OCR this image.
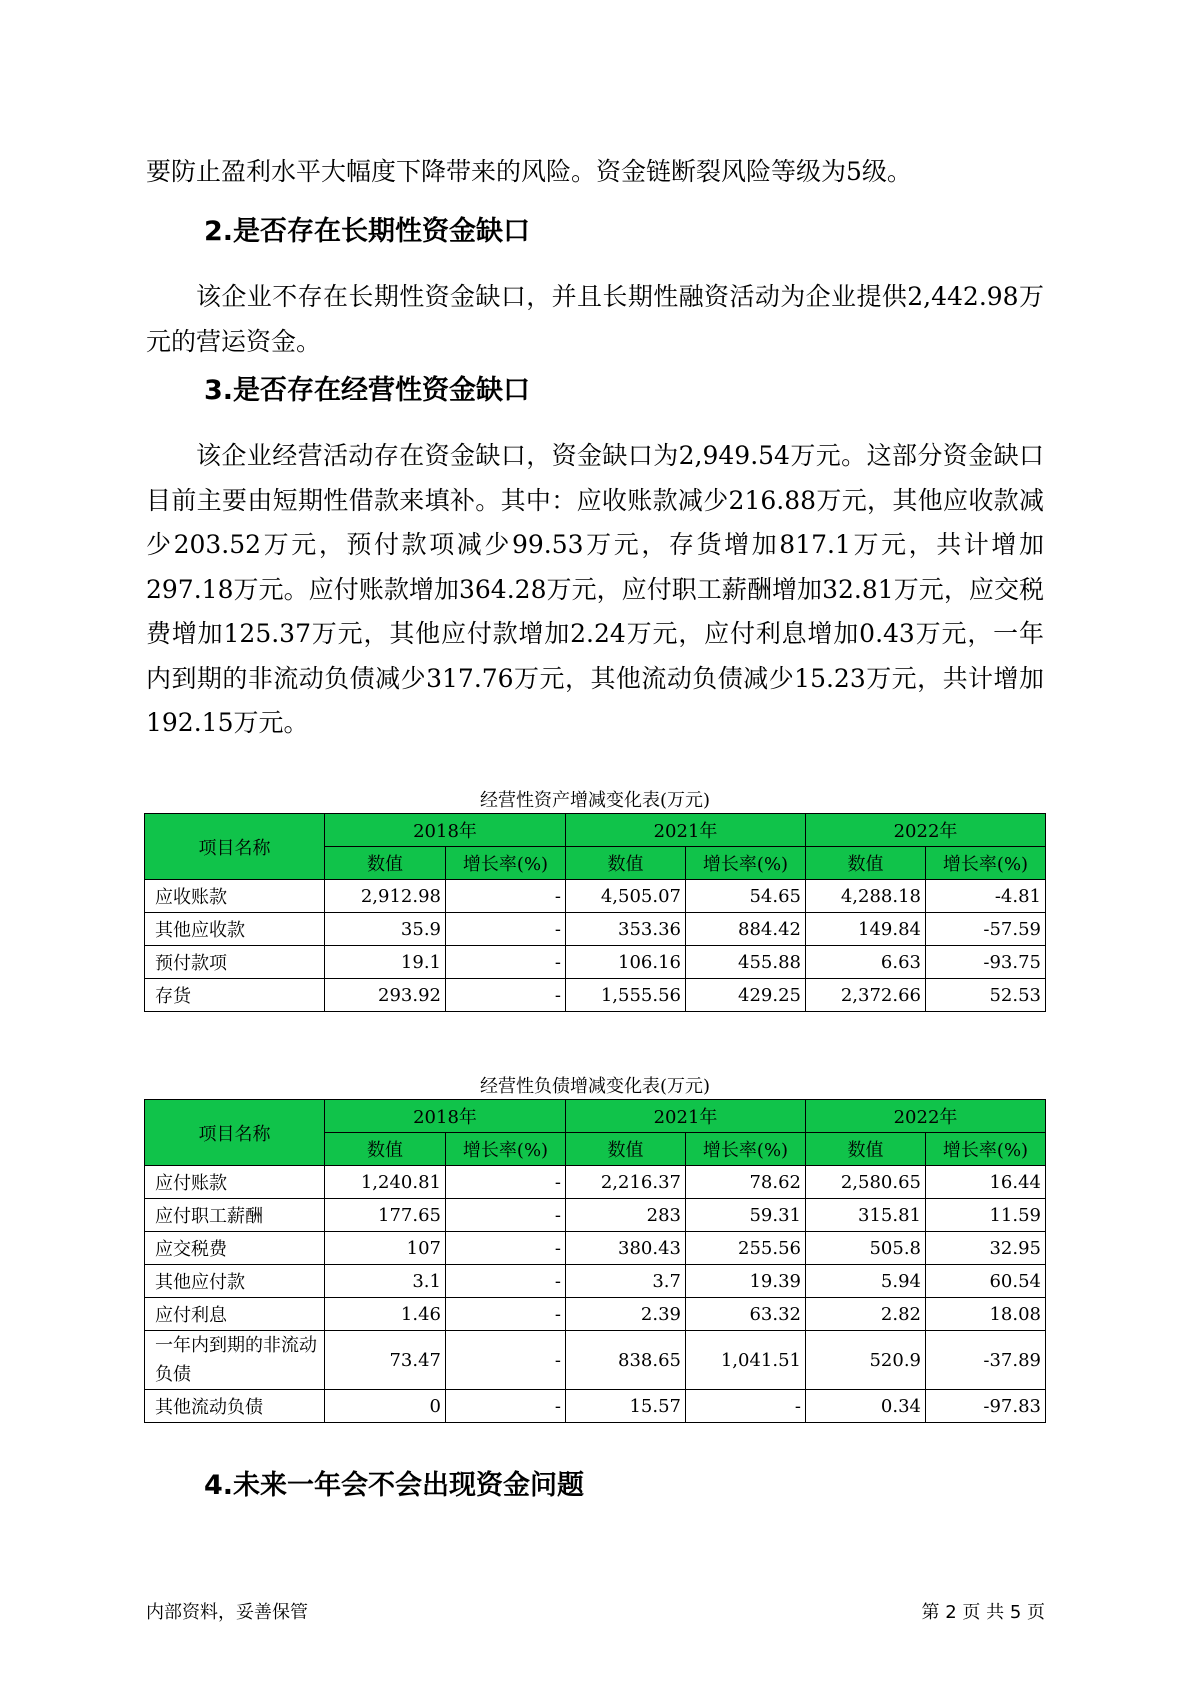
要防止盈利水平大幅度下降带来的风险。资金链断裂风险等级为5级。

2.是否存在长期性资金缺口

该企业不存在长期性资金缺口，并且长期性融资活动为企业提供2,442.98万元的营运资金。

3.是否存在经营性资金缺口

该企业经营活动存在资金缺口，资金缺口为2,949.54万元。这部分资金缺口目前主要由短期性借款来填补。其中：应收账款减少216.88万元，其他应收款减少203.52万元，预付款项减少99.53万元，存货增加817.1万元，共计增加297.18万元。应付账款增加364.28万元，应付职工薪酬增加32.81万元，应交税费增加125.37万元，其他应付款增加2.24万元，应付利息增加0.43万元，一年内到期的非流动负债减少317.76万元，其他流动负债减少15.23万元，共计增加192.15万元。

经营性资产增减变化表(万元)
项目名称	2018年		2021年		2022年	
	数值	增长率(%)	数值	增长率(%)	数值	增长率(%)
应收账款	2,912.98	-	4,505.07	54.65	4,288.18	-4.81
其他应收款	35.9	-	353.36	884.42	149.84	-57.59
预付款项	19.1	-	106.16	455.88	6.63	-93.75
存货	293.92	-	1,555.56	429.25	2,372.66	52.53
经营性负债增减变化表(万元)
项目名称	2018年		2021年		2022年	
	数值	增长率(%)	数值	增长率(%)	数值	增长率(%)
应付账款	1,240.81	-	2,216.37	78.62	2,580.65	16.44
应付职工薪酬	177.65	-	283	59.31	315.81	11.59
应交税费	107	-	380.43	255.56	505.8	32.95
其他应付款	3.1	-	3.7	19.39	5.94	60.54
应付利息	1.46	-	2.39	63.32	2.82	18.08
一年内到期的非流动负债	73.47	-	838.65	1,041.51	520.9	-37.89
其他流动负债	0	-	15.57	-	0.34	-97.83
4.未来一年会不会出现资金问题
内部资料，妥善保管	第 2 页 共 5 页
